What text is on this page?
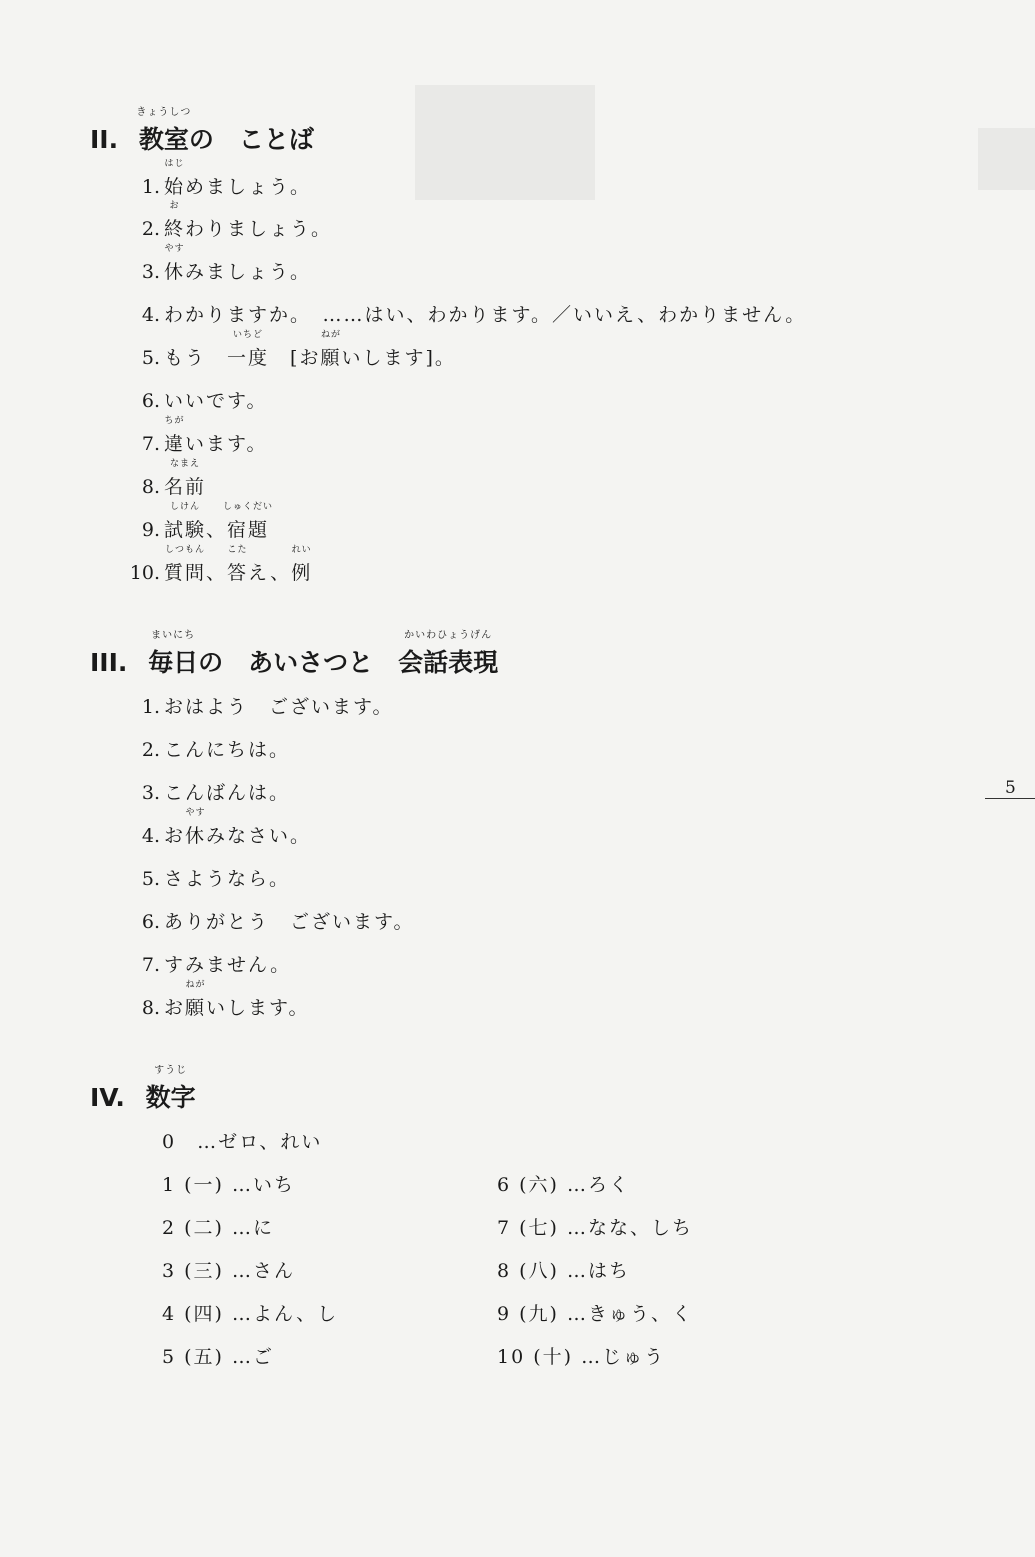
II.
きょうしつ
教室の　ことば
1.
はじ
始めましょう。
2.
お
終わりましょう。
3.
やす
休みましょう。
4. わかりますか。　……はい、わかります。／いいえ、わかりません。
5. もう　
いちど
一度　[お
ねが
願いします]。
6. いいです。
7.
ちが
違います。
8.
なまえ
名前
9.
しけん
試験、
しゅくだい
宿題
10.
しつもん
質問、
こた
答え、
れい
例
III.
まいにち
毎日の　あいさつと　
かいわひょうげん
会話表現
1. おはよう　ございます。
2. こんにちは。
3. こんばんは。
4. お
やす
休みなさい。
5. さようなら。
6. ありがとう　ございます。
7. すみません。
8. お
ねが
願いします。
IV.
すうじ
数字
0　…ゼロ、れい
1 (一) …いち
2 (二) …に
3 (三) …さん
4 (四) …よん、し
5 (五) …ご
6 (六) …ろく
7 (七) …なな、しち
8 (八) …はち
9 (九) …きゅう、く
10 (十) …じゅう
5
